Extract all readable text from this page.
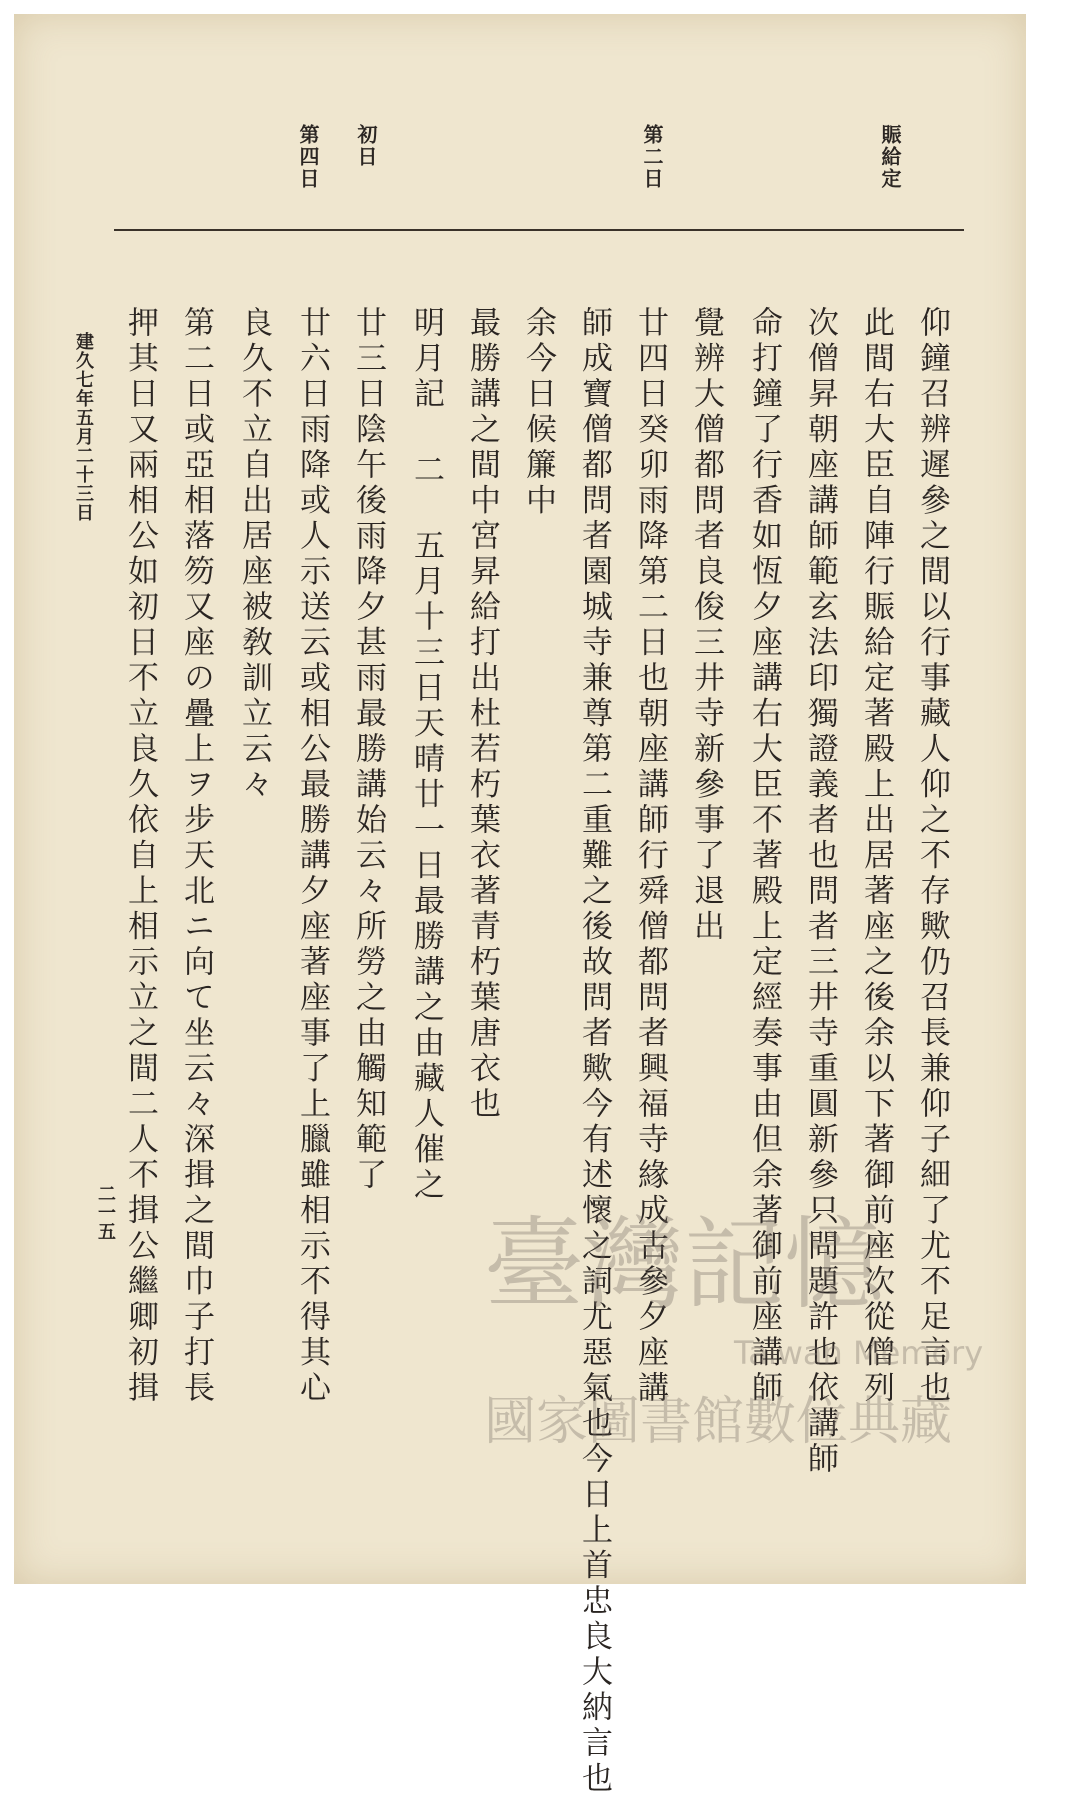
賑給定
第二日
初日
第四日
仰鐘召辨遲參之間以行事藏人仰之不存歟仍召長兼仰子細了尤不足言也
此間右大臣自陣行賑給定著殿上出居著座之後余以下著御前座次從僧列
次僧昇朝座講師範玄法印獨證義者也問者三井寺重圓新參只問題許也依講師
命打鐘了行香如恆夕座講右大臣不著殿上定經奏事由但余著御前座講師
覺辨大僧都問者良俊三井寺新參事了退出
廿四日癸卯雨降第二日也朝座講師行舜僧都問者興福寺緣成古參夕座講
師成寶僧都問者園城寺兼尊第二重難之後故問者歟今有述懷之詞尤惡氣也今日上首忠良大納言也
余今日候簾中
最勝講之間中宮昇給打出杜若朽葉衣著青朽葉唐衣也
明月記 二 五月十三日天晴廿一日最勝講之由藏人催之
廿三日陰午後雨降夕甚雨最勝講始云々所勞之由觸知範了
廿六日雨降或人示送云或相公最勝講夕座著座事了上臘雖相示不得其心
良久不立自出居座被敎訓立云々
第二日或亞相落笏又座の疊上ヲ步天北ニ向て坐云々深揖之間巾子打長
押其日又兩相公如初日不立良久依自上相示立之間二人不揖公繼卿初揖
建久七年五月二十三日
二一五	臺灣記憶
Taiwan Memory
國家圖書館數位典藏
